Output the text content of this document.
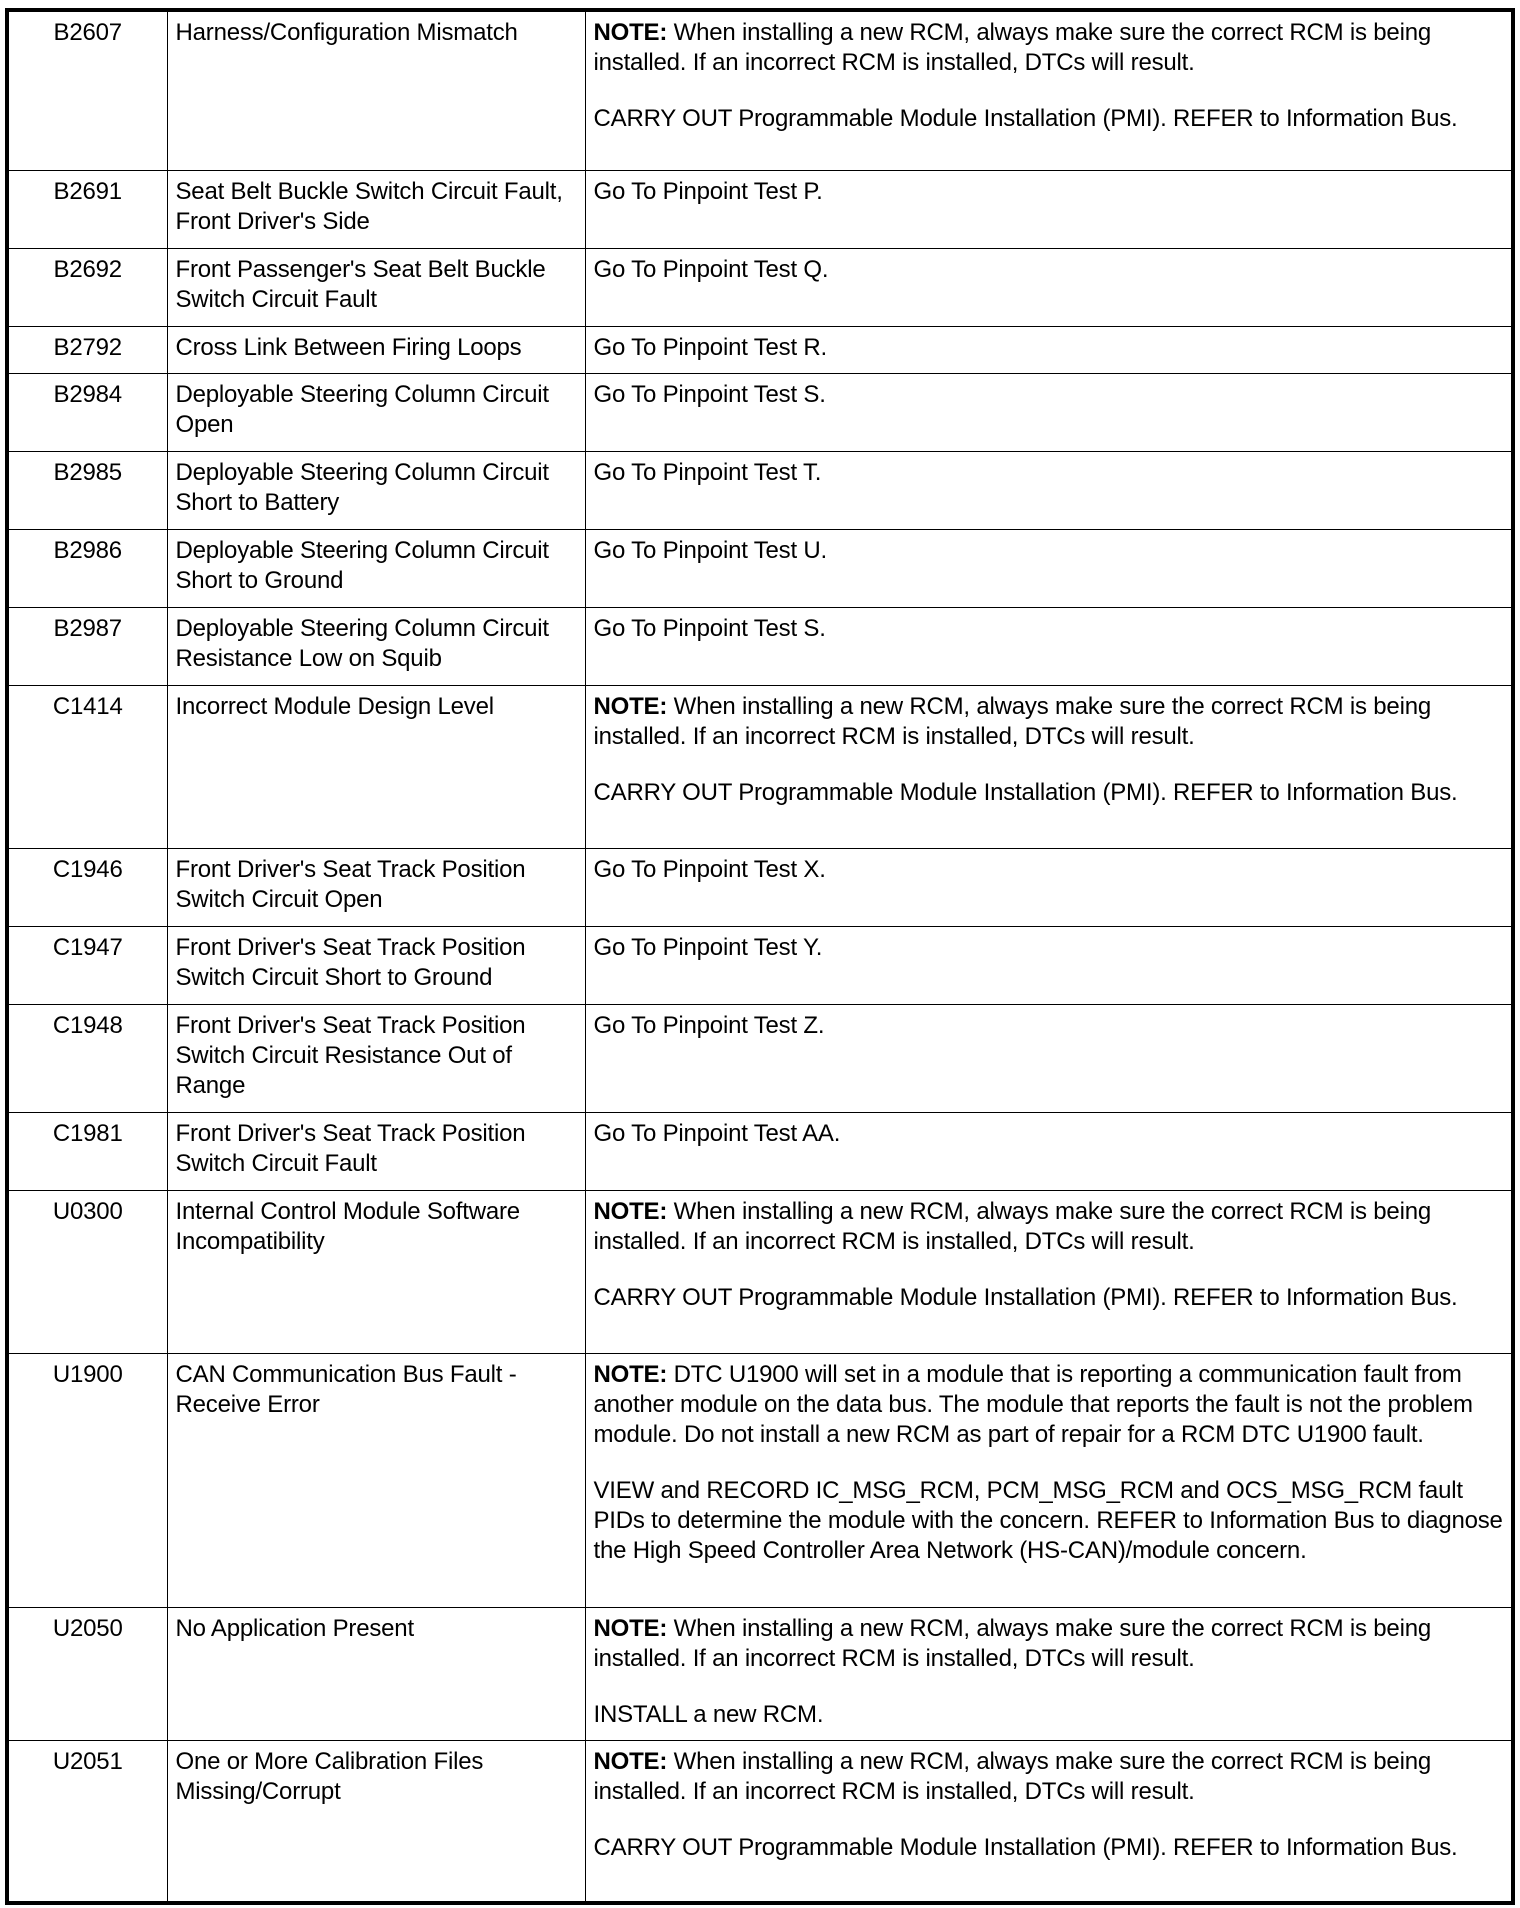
B2607	Harness/Configuration Mismatch	NOTE: When installing a new RCM, always make sure the correct RCM is being installed. If an incorrect RCM is installed, DTCs will result.

CARRY OUT Programmable Module Installation (PMI). REFER to Information Bus.

B2691	Seat Belt Buckle Switch Circuit Fault, Front Driver's Side	Go To Pinpoint Test P.

B2692	Front Passenger's Seat Belt Buckle Switch Circuit Fault	Go To Pinpoint Test Q.

B2792	Cross Link Between Firing Loops	Go To Pinpoint Test R.

B2984	Deployable Steering Column Circuit Open	Go To Pinpoint Test S.

B2985	Deployable Steering Column Circuit Short to Battery	Go To Pinpoint Test T.

B2986	Deployable Steering Column Circuit Short to Ground	Go To Pinpoint Test U.

B2987	Deployable Steering Column Circuit Resistance Low on Squib	Go To Pinpoint Test S.

C1414	Incorrect Module Design Level	NOTE: When installing a new RCM, always make sure the correct RCM is being installed. If an incorrect RCM is installed, DTCs will result.

CARRY OUT Programmable Module Installation (PMI). REFER to Information Bus.

C1946	Front Driver's Seat Track Position Switch Circuit Open	Go To Pinpoint Test X.

C1947	Front Driver's Seat Track Position Switch Circuit Short to Ground	Go To Pinpoint Test Y.

C1948	Front Driver's Seat Track Position Switch Circuit Resistance Out of Range	Go To Pinpoint Test Z.

C1981	Front Driver's Seat Track Position Switch Circuit Fault	Go To Pinpoint Test AA.

U0300	Internal Control Module Software Incompatibility	NOTE: When installing a new RCM, always make sure the correct RCM is being installed. If an incorrect RCM is installed, DTCs will result.

CARRY OUT Programmable Module Installation (PMI). REFER to Information Bus.

U1900	CAN Communication Bus Fault - Receive Error	NOTE: DTC U1900 will set in a module that is reporting a communication fault from another module on the data bus. The module that reports the fault is not the problem module. Do not install a new RCM as part of repair for a RCM DTC U1900 fault.

VIEW and RECORD IC_MSG_RCM, PCM_MSG_RCM and OCS_MSG_RCM fault PIDs to determine the module with the concern. REFER to Information Bus to diagnose the High Speed Controller Area Network (HS-CAN)/module concern.

U2050	No Application Present	NOTE: When installing a new RCM, always make sure the correct RCM is being installed. If an incorrect RCM is installed, DTCs will result.

INSTALL a new RCM.

U2051	One or More Calibration Files Missing/Corrupt	NOTE: When installing a new RCM, always make sure the correct RCM is being installed. If an incorrect RCM is installed, DTCs will result.

CARRY OUT Programmable Module Installation (PMI). REFER to Information Bus.
